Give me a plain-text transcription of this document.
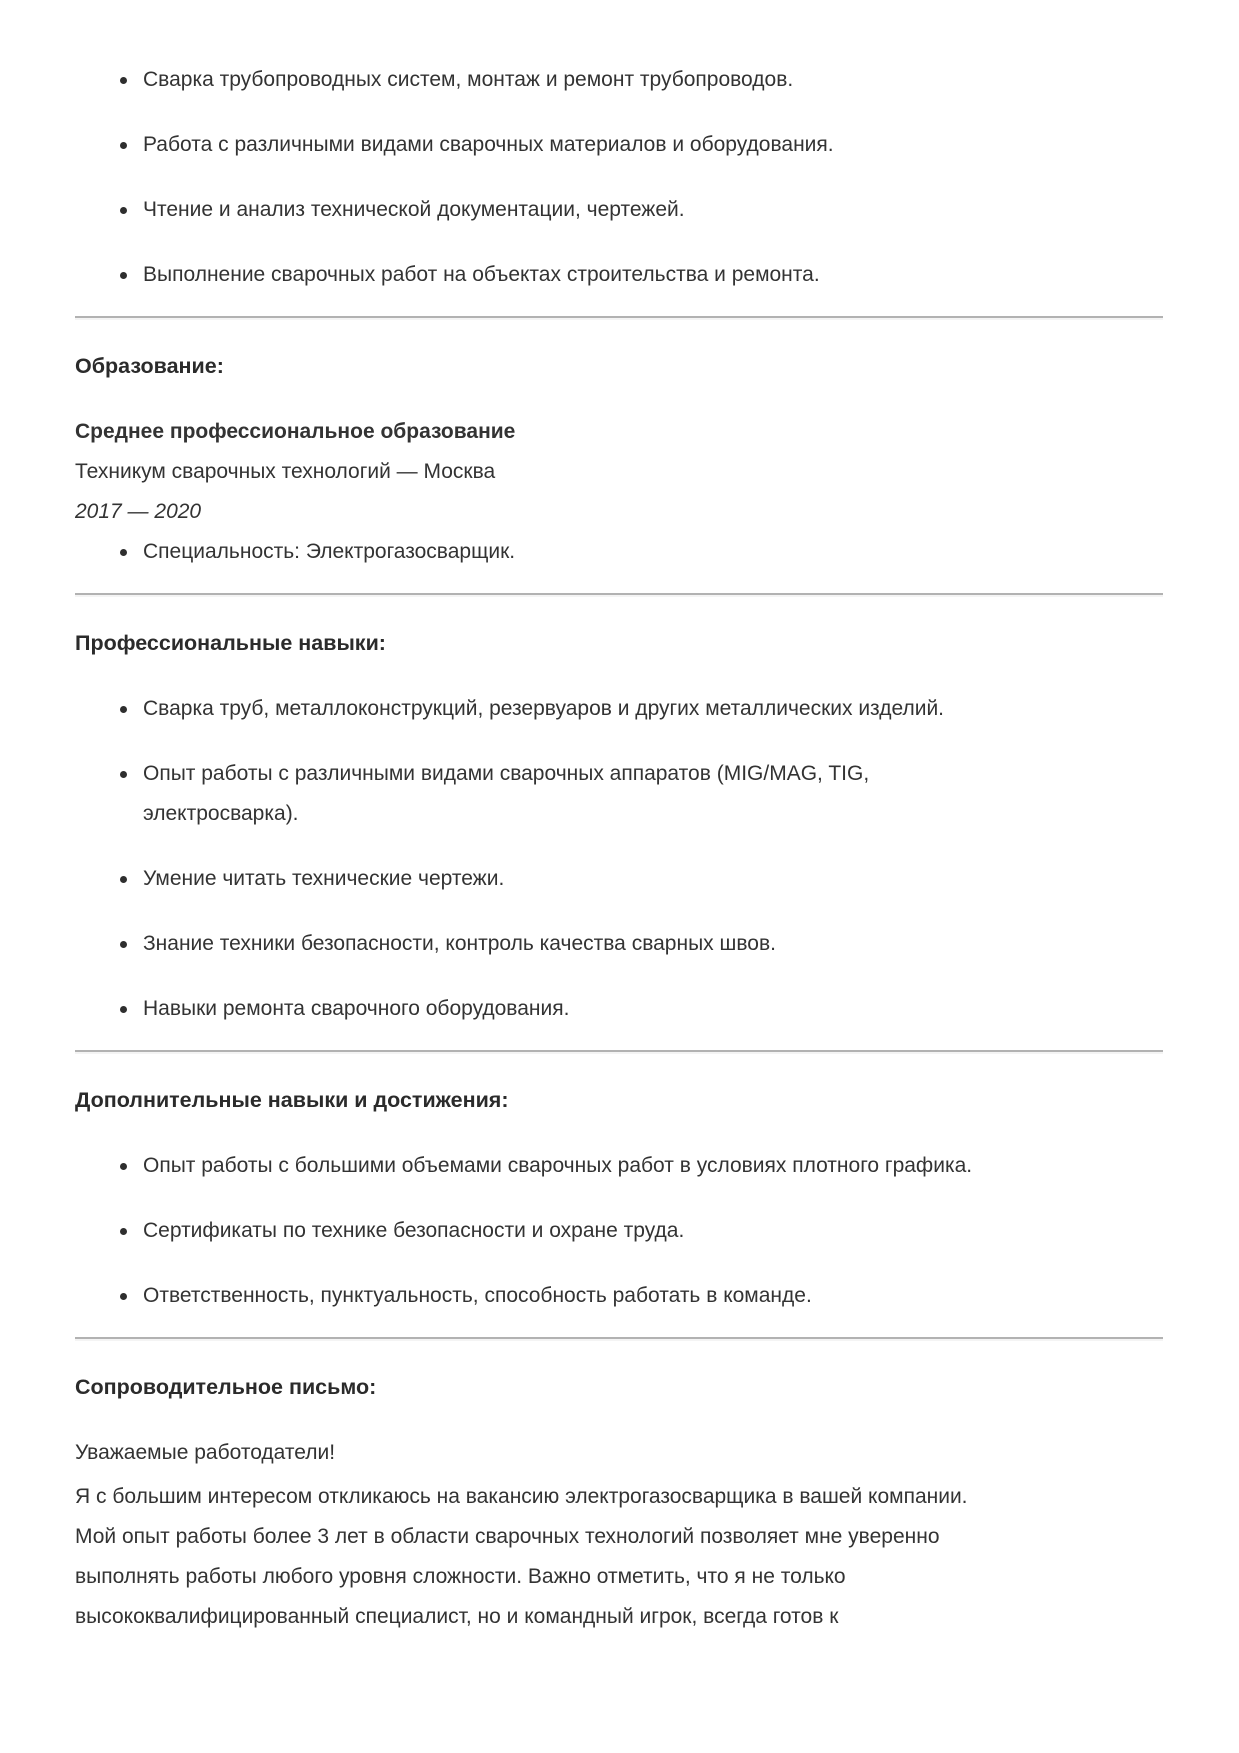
Сварка трубопроводных систем, монтаж и ремонт трубопроводов.
Работа с различными видами сварочных материалов и оборудования.
Чтение и анализ технической документации, чертежей.
Выполнение сварочных работ на объектах строительства и ремонта.
Образование:

Среднее профессиональное образование
Техникум сварочных технологий — Москва
2017 — 2020

Специальность: Электрогазосварщик.
Профессиональные навыки:
Сварка труб, металлоконструкций, резервуаров и других металлических изделий.
Опыт работы с различными видами сварочных аппаратов (MIG/MAG, TIG,
электросварка).
Умение читать технические чертежи.
Знание техники безопасности, контроль качества сварных швов.
Навыки ремонта сварочного оборудования.
Дополнительные навыки и достижения:
Опыт работы с большими объемами сварочных работ в условиях плотного графика.
Сертификаты по технике безопасности и охране труда.
Ответственность, пунктуальность, способность работать в команде.
Сопроводительное письмо:

Уважаемые работодатели!

Я с большим интересом откликаюсь на вакансию электрогазосварщика в вашей компании.
Мой опыт работы более 3 лет в области сварочных технологий позволяет мне уверенно
выполнять работы любого уровня сложности. Важно отметить, что я не только
высококвалифицированный специалист, но и командный игрок, всегда готов к
